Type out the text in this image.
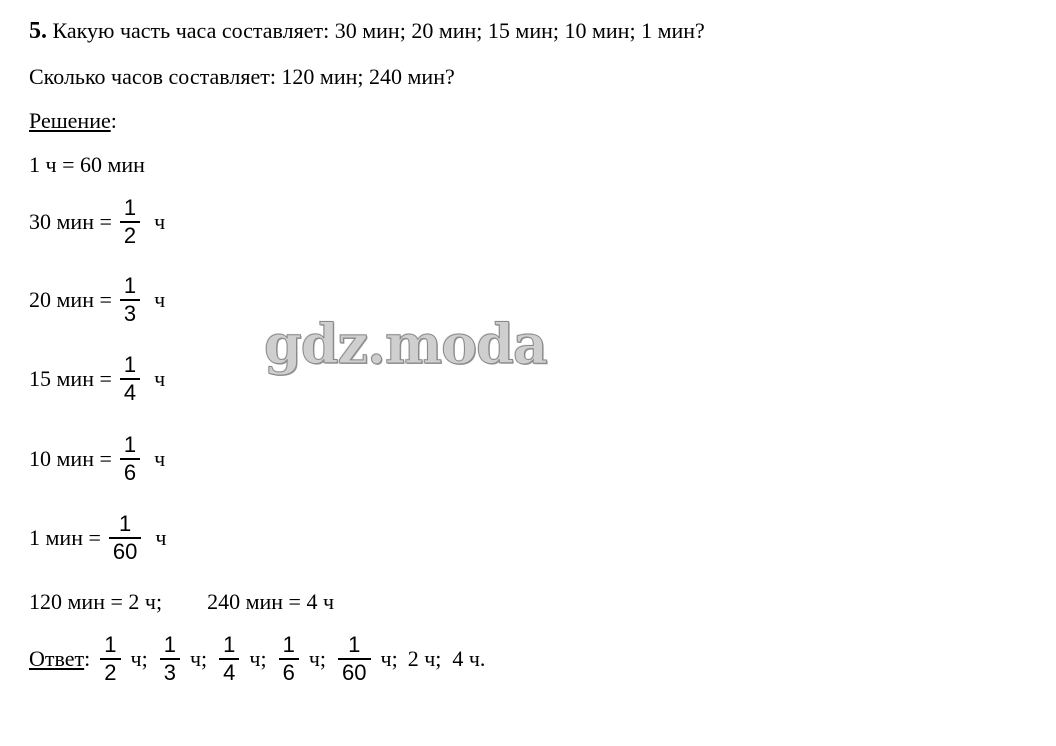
5. Какую часть часа составляет: 30 мин; 20 мин; 15 мин; 10 мин; 1 мин?
Сколько часов составляет: 120 мин; 240 мин?
Решение:
1 ч = 60 мин
30 мин = $\frac{1}{2}$ ч
20 мин = $\frac{1}{3}$ ч
15 мин = $\frac{1}{4}$ ч
10 мин = $\frac{1}{6}$ ч
1 мин = $\frac{1}{60}$ ч
120 мин = 2 ч; 240 мин = 4 ч
Ответ : $\frac{1}{2} ч$; $\frac{1}{3} ч$; $\frac{1}{4} ч$; $\frac{1}{6} ч$; $\frac{1}{60} ч$; 2 ч;  4 ч.
gdz.moda
